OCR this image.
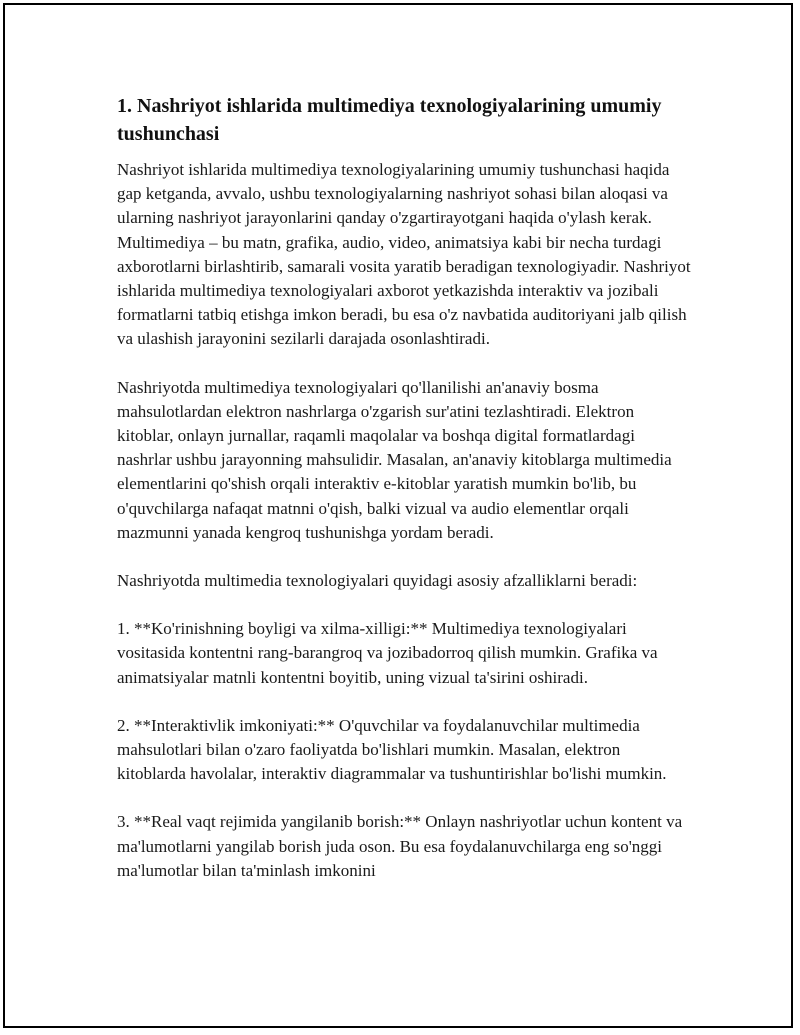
1. Nashriyot ishlarida multimediya texnologiyalarining umumiy tushunchasi

Nashriyot ishlarida multimediya texnologiyalarining umumiy tushunchasi haqida gap ketganda, avvalo, ushbu texnologiyalarning nashriyot sohasi bilan aloqasi va ularning nashriyot jarayonlarini qanday o'zgartirayotgani haqida o'ylash kerak. Multimediya – bu matn, grafika, audio, video, animatsiya kabi bir necha turdagi axborotlarni birlashtirib, samarali vosita yaratib beradigan texnologiyadir. Nashriyot ishlarida multimediya texnologiyalari axborot yetkazishda interaktiv va jozibali formatlarni tatbiq etishga imkon beradi, bu esa o'z navbatida auditoriyani jalb qilish va ulashish jarayonini sezilarli darajada osonlashtiradi.

Nashriyotda multimediya texnologiyalari qo'llanilishi an'anaviy bosma mahsulotlardan elektron nashrlarga o'zgarish sur'atini tezlashtiradi. Elektron kitoblar, onlayn jurnallar, raqamli maqolalar va boshqa digital formatlardagi nashrlar ushbu jarayonning mahsulidir. Masalan, an'anaviy kitoblarga multimedia elementlarini qo'shish orqali interaktiv e-kitoblar yaratish mumkin bo'lib, bu o'quvchilarga nafaqat matnni o'qish, balki vizual va audio elementlar orqali mazmunni yanada kengroq tushunishga yordam beradi.

Nashriyotda multimedia texnologiyalari quyidagi asosiy afzalliklarni beradi:

1. **Ko'rinishning boyligi va xilma-xilligi:** Multimediya texnologiyalari vositasida kontentni rang-barangroq va jozibadorroq qilish mumkin. Grafika va animatsiyalar matnli kontentni boyitib, uning vizual ta'sirini oshiradi.

2. **Interaktivlik imkoniyati:** O'quvchilar va foydalanuvchilar multimedia mahsulotlari bilan o'zaro faoliyatda bo'lishlari mumkin. Masalan, elektron kitoblarda havolalar, interaktiv diagrammalar va tushuntirishlar bo'lishi mumkin.

3. **Real vaqt rejimida yangilanib borish:** Onlayn nashriyotlar uchun kontent va ma'lumotlarni yangilab borish juda oson. Bu esa foydalanuvchilarga eng so'nggi ma'lumotlar bilan ta'minlash imkonini
